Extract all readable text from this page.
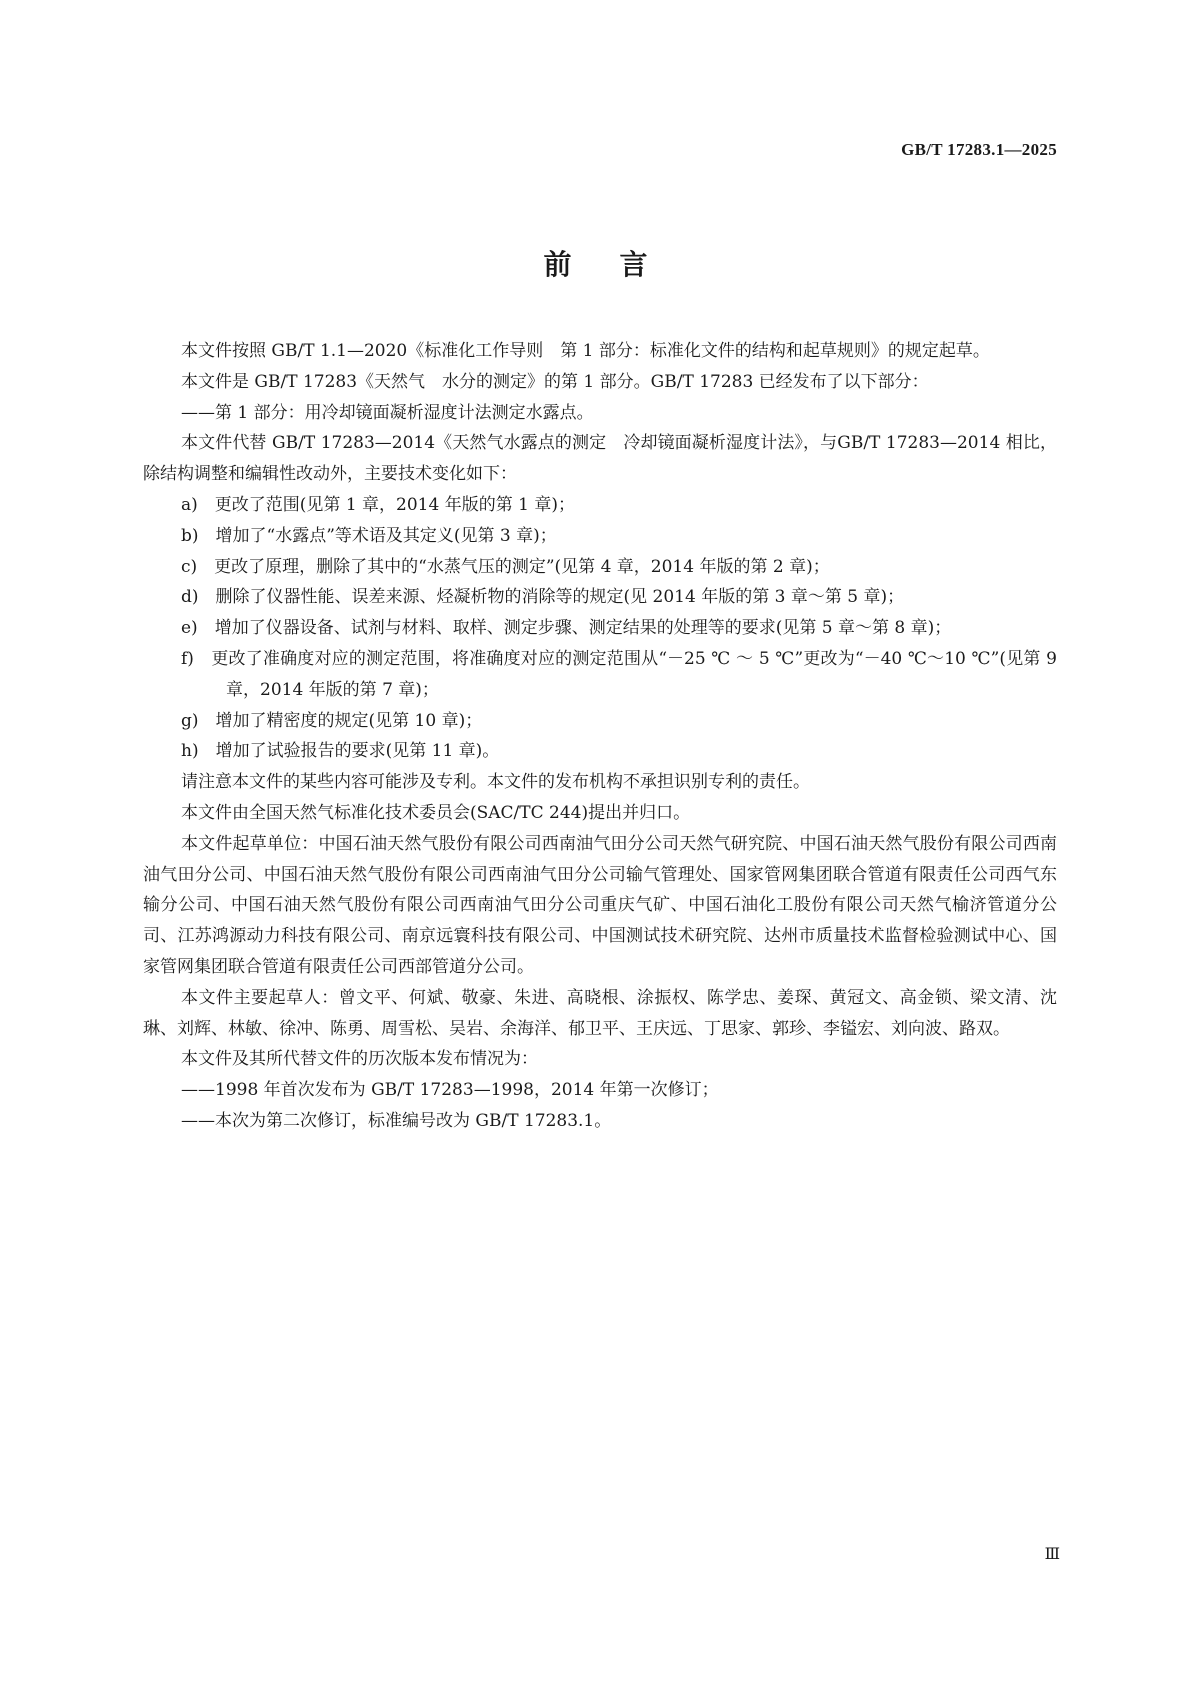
GB/T 17283.1—2025
前言

本文件按照 GB/T 1.1—2020《标准化工作导则　第 1 部分：标准化文件的结构和起草规则》的规定起草。

本文件是 GB/T 17283《天然气　水分的测定》的第 1 部分。GB/T 17283 已经发布了以下部分：

——第 1 部分：用冷却镜面凝析湿度计法测定水露点。

本文件代替 GB/T 17283—2014《天然气水露点的测定　冷却镜面凝析湿度计法》，与GB/T 17283—2014 相比，除结构调整和编辑性改动外，主要技术变化如下：

a)　 更改了范围(见第 1 章，2014 年版的第 1 章)；

b)　 增加了“水露点”等术语及其定义(见第 3 章)；

c)　 更改了原理，删除了其中的“水蒸气压的测定”(见第 4 章，2014 年版的第 2 章)；

d)　 删除了仪器性能、误差来源、烃凝析物的消除等的规定(见 2014 年版的第 3 章～第 5 章)；

e)　 增加了仪器设备、试剂与材料、取样、测定步骤、测定结果的处理等的要求(见第 5 章～第 8 章)；

f)　 更改了准确度对应的测定范围，将准确度对应的测定范围从“－25 ℃ ～ 5 ℃”更改为“－40 ℃～10 ℃”(见第 9 章，2014 年版的第 7 章)；

g)　 增加了精密度的规定(见第 10 章)；

h)　 增加了试验报告的要求(见第 11 章)。

请注意本文件的某些内容可能涉及专利。本文件的发布机构不承担识别专利的责任。

本文件由全国天然气标准化技术委员会(SAC/TC 244)提出并归口。

本文件起草单位：中国石油天然气股份有限公司西南油气田分公司天然气研究院、中国石油天然气股份有限公司西南油气田分公司、中国石油天然气股份有限公司西南油气田分公司输气管理处、国家管网集团联合管道有限责任公司西气东输分公司、中国石油天然气股份有限公司西南油气田分公司重庆气矿、中国石油化工股份有限公司天然气榆济管道分公司、江苏鸿源动力科技有限公司、南京远寰科技有限公司、中国测试技术研究院、达州市质量技术监督检验测试中心、国家管网集团联合管道有限责任公司西部管道分公司。

本文件主要起草人：曾文平、何斌、敬豪、朱进、高晓根、涂振权、陈学忠、姜琛、黄冠文、高金锁、梁文清、沈琳、刘辉、林敏、徐冲、陈勇、周雪松、吴岩、余海洋、郁卫平、王庆远、丁思家、郭珍、李镒宏、刘向波、路双。

本文件及其所代替文件的历次版本发布情况为：

——1998 年首次发布为 GB/T 17283—1998，2014 年第一次修订；

——本次为第二次修订，标准编号改为 GB/T 17283.1。

Ⅲ
